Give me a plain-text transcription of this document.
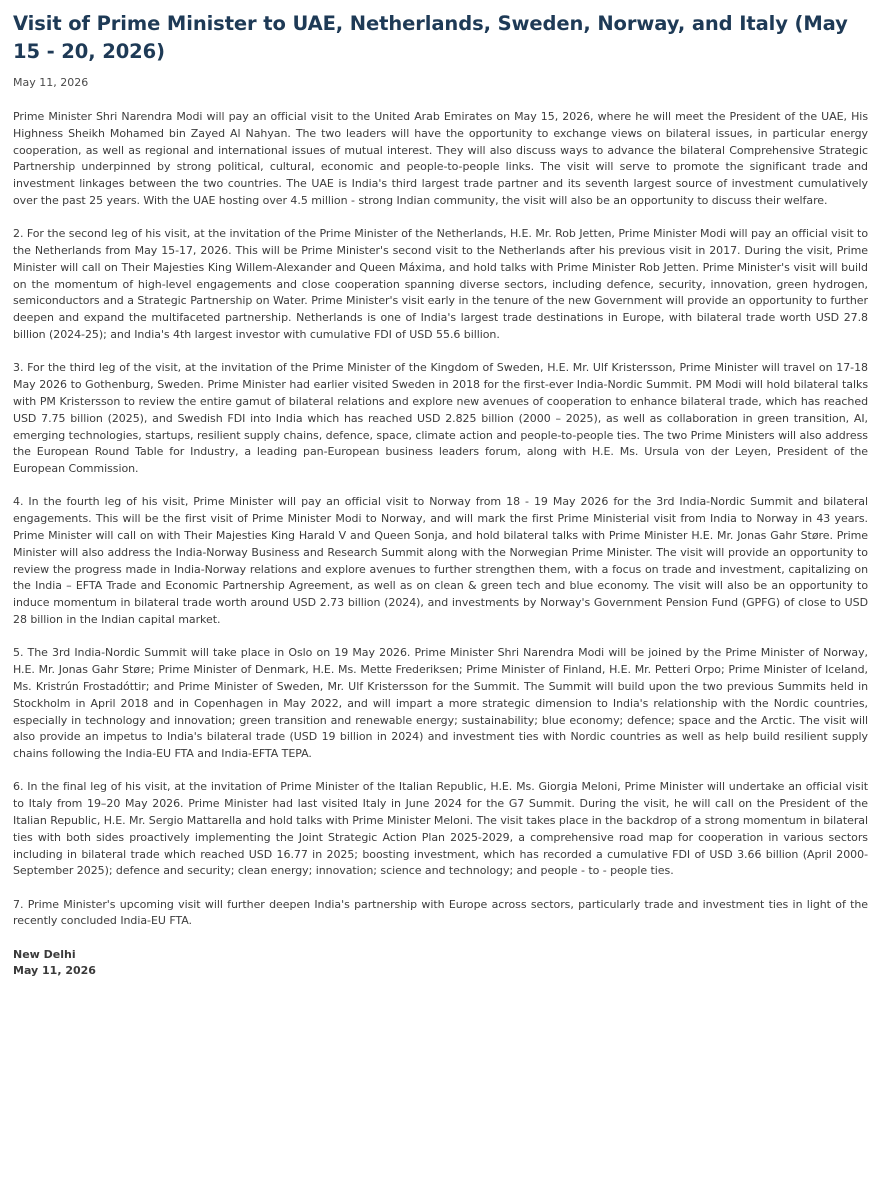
Visit of Prime Minister to UAE, Netherlands, Sweden, Norway, and Italy (May 15 - 20, 2026)
May 11, 2026

Prime Minister Shri Narendra Modi will pay an official visit to the United Arab Emirates on May 15, 2026, where he will meet the President of the UAE, His Highness Sheikh Mohamed bin Zayed Al Nahyan. The two leaders will have the opportunity to exchange views on bilateral issues, in particular energy cooperation, as well as regional and international issues of mutual interest. They will also discuss ways to advance the bilateral Comprehensive Strategic Partnership underpinned by strong political, cultural, economic and people-to-people links. The visit will serve to promote the significant trade and investment linkages between the two countries. The UAE is India's third largest trade partner and its seventh largest source of investment cumulatively over the past 25 years. With the UAE hosting over 4.5 million - strong Indian community, the visit will also be an opportunity to discuss their welfare.

2. For the second leg of his visit, at the invitation of the Prime Minister of the Netherlands, H.E. Mr. Rob Jetten, Prime Minister Modi will pay an official visit to the Netherlands from May 15-17, 2026. This will be Prime Minister's second visit to the Netherlands after his previous visit in 2017. During the visit, Prime Minister will call on Their Majesties King Willem-Alexander and Queen Máxima, and hold talks with Prime Minister Rob Jetten. Prime Minister's visit will build on the momentum of high-level engagements and close cooperation spanning diverse sectors, including defence, security, innovation, green hydrogen, semiconductors and a Strategic Partnership on Water. Prime Minister's visit early in the tenure of the new Government will provide an opportunity to further deepen and expand the multifaceted partnership. Netherlands is one of India's largest trade destinations in Europe, with bilateral trade worth USD 27.8 billion (2024-25); and India's 4th largest investor with cumulative FDI of USD 55.6 billion.

3. For the third leg of the visit, at the invitation of the Prime Minister of the Kingdom of Sweden, H.E. Mr. Ulf Kristersson, Prime Minister will travel on 17-18 May 2026 to Gothenburg, Sweden. Prime Minister had earlier visited Sweden in 2018 for the first-ever India-Nordic Summit. PM Modi will hold bilateral talks with PM Kristersson to review the entire gamut of bilateral relations and explore new avenues of cooperation to enhance bilateral trade, which has reached USD 7.75 billion (2025), and Swedish FDI into India which has reached USD 2.825 billion (2000 – 2025), as well as collaboration in green transition, AI, emerging technologies, startups, resilient supply chains, defence, space, climate action and people-to-people ties. The two Prime Ministers will also address the European Round Table for Industry, a leading pan-European business leaders forum, along with H.E. Ms. Ursula von der Leyen, President of the European Commission.

4. In the fourth leg of his visit, Prime Minister will pay an official visit to Norway from 18 - 19 May 2026 for the 3rd India-Nordic Summit and bilateral engagements. This will be the first visit of Prime Minister Modi to Norway, and will mark the first Prime Ministerial visit from India to Norway in 43 years. Prime Minister will call on with Their Majesties King Harald V and Queen Sonja, and hold bilateral talks with Prime Minister H.E. Mr. Jonas Gahr Støre. Prime Minister will also address the India-Norway Business and Research Summit along with the Norwegian Prime Minister. The visit will provide an opportunity to review the progress made in India-Norway relations and explore avenues to further strengthen them, with a focus on trade and investment, capitalizing on the India – EFTA Trade and Economic Partnership Agreement, as well as on clean & green tech and blue economy. The visit will also be an opportunity to induce momentum in bilateral trade worth around USD 2.73 billion (2024), and investments by Norway's Government Pension Fund (GPFG) of close to USD 28 billion in the Indian capital market.

5. The 3rd India-Nordic Summit will take place in Oslo on 19 May 2026. Prime Minister Shri Narendra Modi will be joined by the Prime Minister of Norway, H.E. Mr. Jonas Gahr Støre; Prime Minister of Denmark, H.E. Ms. Mette Frederiksen; Prime Minister of Finland, H.E. Mr. Petteri Orpo; Prime Minister of Iceland, Ms. Kristrún Frostadóttir; and Prime Minister of Sweden, Mr. Ulf Kristersson for the Summit. The Summit will build upon the two previous Summits held in Stockholm in April 2018 and in Copenhagen in May 2022, and will impart a more strategic dimension to India's relationship with the Nordic countries, especially in technology and innovation; green transition and renewable energy; sustainability; blue economy; defence; space and the Arctic. The visit will also provide an impetus to India's bilateral trade (USD 19 billion in 2024) and investment ties with Nordic countries as well as help build resilient supply chains following the India-EU FTA and India-EFTA TEPA.

6. In the final leg of his visit, at the invitation of Prime Minister of the Italian Republic, H.E. Ms. Giorgia Meloni, Prime Minister will undertake an official visit to Italy from 19–20 May 2026. Prime Minister had last visited Italy in June 2024 for the G7 Summit. During the visit, he will call on the President of the Italian Republic, H.E. Mr. Sergio Mattarella and hold talks with Prime Minister Meloni. The visit takes place in the backdrop of a strong momentum in bilateral ties with both sides proactively implementing the Joint Strategic Action Plan 2025-2029, a comprehensive road map for cooperation in various sectors including in bilateral trade which reached USD 16.77 in 2025; boosting investment, which has recorded a cumulative FDI of USD 3.66 billion (April 2000-September 2025); defence and security; clean energy; innovation; science and technology; and people - to - people ties.

7. Prime Minister's upcoming visit will further deepen India's partnership with Europe across sectors, particularly trade and investment ties in light of the recently concluded India-EU FTA.

New Delhi
May 11, 2026
